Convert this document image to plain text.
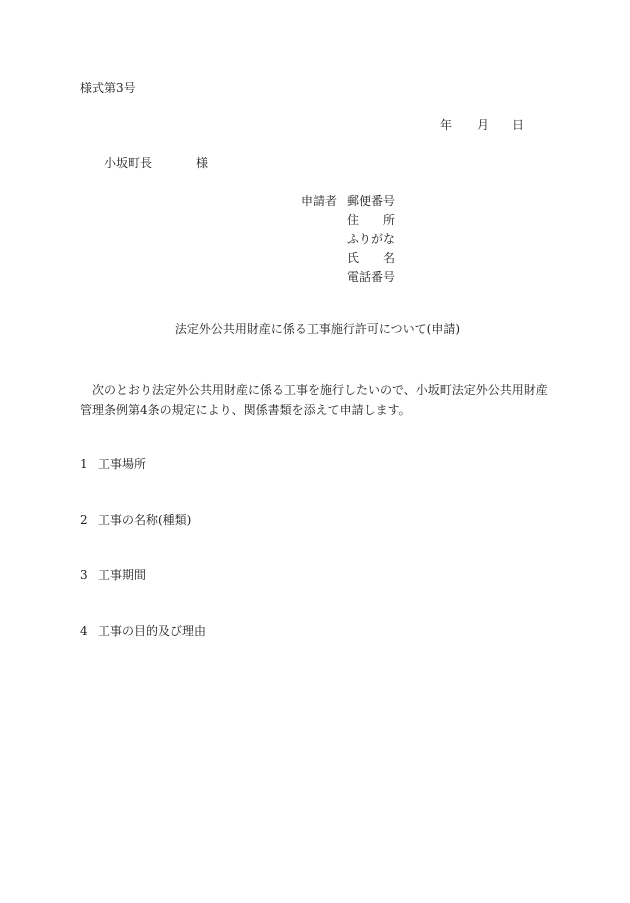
様式第3号
年 月 日
小坂町長	様
申請者 郵便番号
住 所
ふりがな
氏 名
電話番号
法定外公共用財産に係る工事施行許可について(申請)

次のとおり法定外公共用財産に係る工事を施行したいので、小坂町法定外公共用財産管理条例第4条の規定により、関係書類を添えて申請します。

1 工事場所
2 工事の名称(種類)
3 工事期間
4 工事の目的及び理由
